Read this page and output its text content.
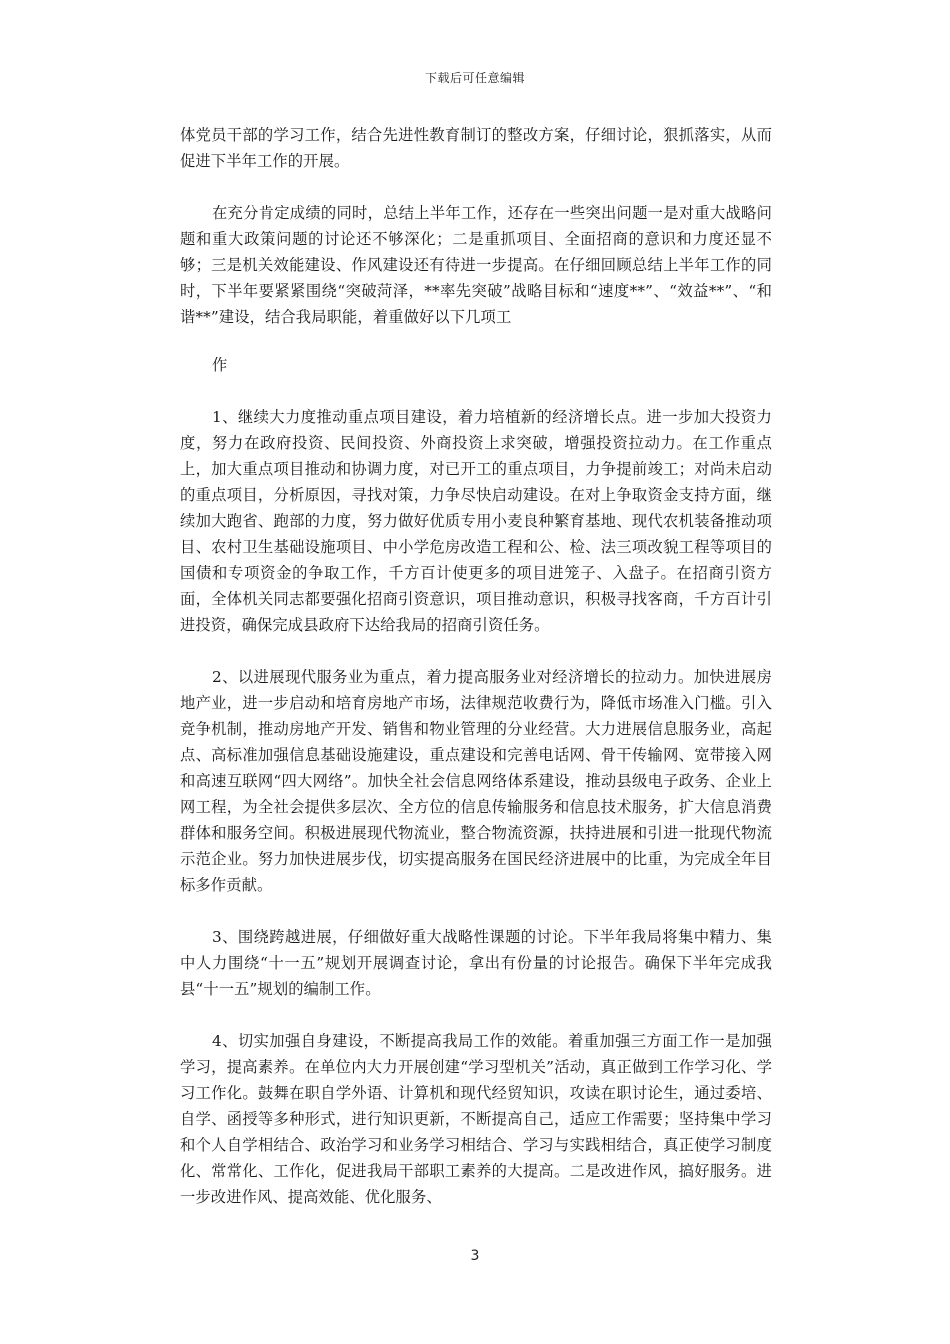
下载后可任意编辑

体党员干部的学习工作，结合先进性教育制订的整改方案，仔细讨论，狠抓落实，从而促进下半年工作的开展。

在充分肯定成绩的同时，总结上半年工作，还存在一些突出问题一是对重大战略问题和重大政策问题的讨论还不够深化；二是重抓项目、全面招商的意识和力度还显不够；三是机关效能建设、作风建设还有待进一步提高。在仔细回顾总结上半年工作的同时，下半年要紧紧围绕“突破菏泽，**率先突破”战略目标和“速度**”、“效益**”、“和谐**”建设，结合我局职能，着重做好以下几项工

作

1、继续大力度推动重点项目建设，着力培植新的经济增长点。进一步加大投资力度，努力在政府投资、民间投资、外商投资上求突破，增强投资拉动力。在工作重点上，加大重点项目推动和协调力度，对已开工的重点项目，力争提前竣工；对尚未启动的重点项目，分析原因，寻找对策，力争尽快启动建设。在对上争取资金支持方面，继续加大跑省、跑部的力度，努力做好优质专用小麦良种繁育基地、现代农机装备推动项目、农村卫生基础设施项目、中小学危房改造工程和公、检、法三项改貌工程等项目的国债和专项资金的争取工作，千方百计使更多的项目进笼子、入盘子。在招商引资方面，全体机关同志都要强化招商引资意识，项目推动意识，积极寻找客商，千方百计引进投资，确保完成县政府下达给我局的招商引资任务。

2、以进展现代服务业为重点，着力提高服务业对经济增长的拉动力。加快进展房地产业，进一步启动和培育房地产市场，法律规范收费行为，降低市场准入门槛。引入竞争机制，推动房地产开发、销售和物业管理的分业经营。大力进展信息服务业，高起点、高标准加强信息基础设施建设，重点建设和完善电话网、骨干传输网、宽带接入网和高速互联网“四大网络”。加快全社会信息网络体系建设，推动县级电子政务、企业上网工程，为全社会提供多层次、全方位的信息传输服务和信息技术服务，扩大信息消费群体和服务空间。积极进展现代物流业，整合物流资源，扶持进展和引进一批现代物流示范企业。努力加快进展步伐，切实提高服务在国民经济进展中的比重，为完成全年目标多作贡献。

3、围绕跨越进展，仔细做好重大战略性课题的讨论。下半年我局将集中精力、集中人力围绕“十一五”规划开展调查讨论，拿出有份量的讨论报告。确保下半年完成我县“十一五”规划的编制工作。

4、切实加强自身建设，不断提高我局工作的效能。着重加强三方面工作一是加强学习，提高素养。在单位内大力开展创建“学习型机关”活动，真正做到工作学习化、学习工作化。鼓舞在职自学外语、计算机和现代经贸知识，攻读在职讨论生，通过委培、自学、函授等多种形式，进行知识更新，不断提高自己，适应工作需要；坚持集中学习和个人自学相结合、政治学习和业务学习相结合、学习与实践相结合，真正使学习制度化、常常化、工作化，促进我局干部职工素养的大提高。二是改进作风，搞好服务。进一步改进作风、提高效能、优化服务、

3
